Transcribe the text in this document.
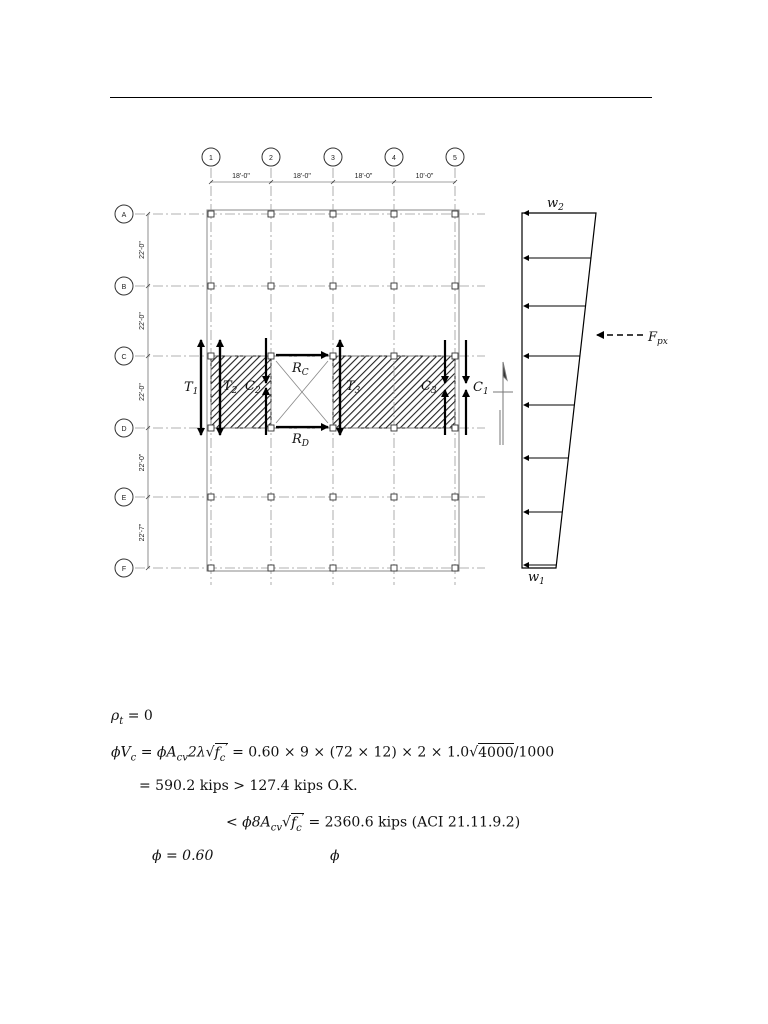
1	2	3	4	5
A
B
C
D
E
F
18'-0"	18'-0"	18'-0"	10'-0"
22'-0"
22'-0"
22'-0"
22'-0"
22'-7"
$T_1$ $T_2$ $C_2$
$R_C$
$R_D$
$T_3$	$C_3$	$C_1$
$w_2$
$w_1$
$F_{px}$
$\rho_t = 0$
$\phi V_c = \phi A_{cv}2\lambda√f_c' = 0.60 \times 9 \times (72 \times 12) \times 2 \times 1.0√4000/1000$
= 590.2 kips > 127.4 kips O.K.
< $\phi 8A_{cv}√f_c' = 2360.6$ kips (ACI 21.11.9.2)
ϕ = 0.60	ϕ
